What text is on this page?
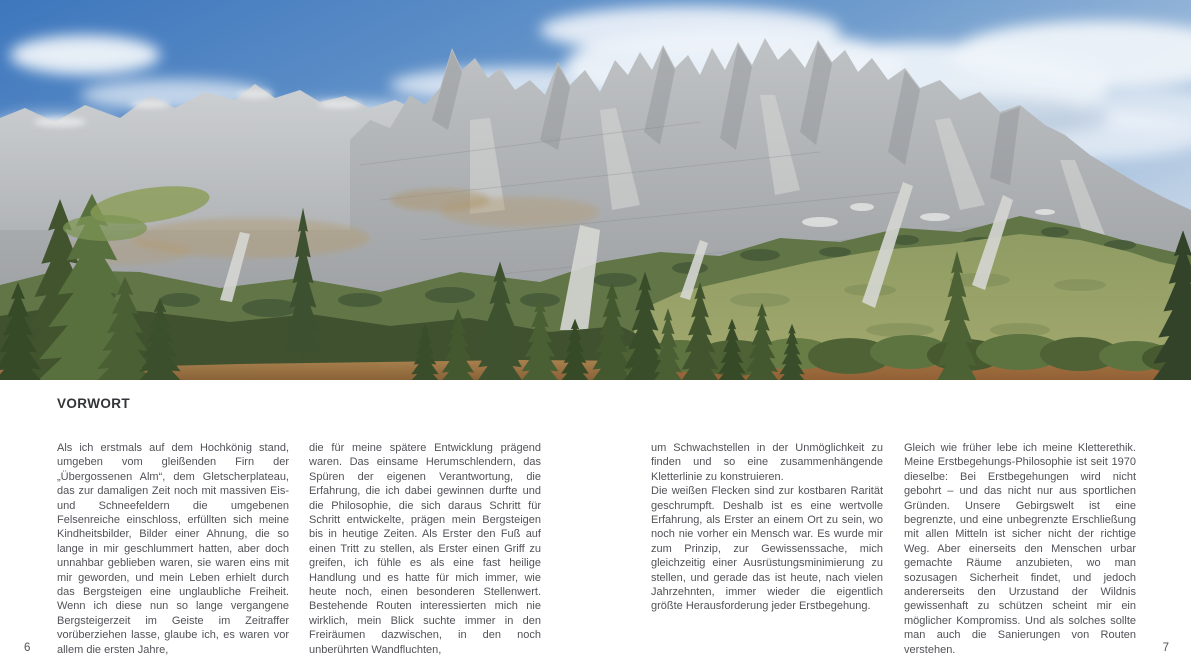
VORWORT

Als ich erstmals auf dem Hochkönig stand, umgeben vom gleißenden Firn der „Übergossenen Alm“, dem Gletscherplateau, das zur damaligen Zeit noch mit massiven Eis- und Schneefeldern die umgebenen Felsenreiche einschloss, erfüllten sich meine Kindheitsbilder, Bilder einer Ahnung, die so lange in mir geschlummert hatten, aber doch unnahbar geblieben waren, sie waren eins mit mir geworden, und mein Leben erhielt durch das Bergsteigen eine unglaubliche Freiheit. Wenn ich diese nun so lange vergangene Bergsteigerzeit im Geiste im Zeitraffer vorüberziehen lasse, glaube ich, es waren vor allem die ersten Jahre,

die für meine spätere Entwicklung prägend waren. Das einsame Herumschlendern, das Spüren der eigenen Verantwortung, die Erfahrung, die ich dabei gewinnen durfte und die Philosophie, die sich daraus Schritt für Schritt entwickelte, prägen mein Bergsteigen bis in heutige Zeiten. Als Erster den Fuß auf einen Tritt zu stellen, als Erster einen Griff zu greifen, ich fühle es als eine fast heilige Handlung und es hatte für mich immer, wie heute noch, einen besonderen Stellenwert. Bestehende Routen interessierten mich nie wirklich, mein Blick suchte immer in den Freiräumen dazwischen, in den noch unberührten Wandfluchten,

um Schwachstellen in der Unmöglichkeit zu finden und so eine zusammenhängende Kletterlinie zu konstruieren.

Die weißen Flecken sind zur kostbaren Rarität geschrumpft. Deshalb ist es eine wertvolle Erfahrung, als Erster an einem Ort zu sein, wo noch nie vorher ein Mensch war. Es wurde mir zum Prinzip, zur Gewissenssache, mich gleichzeitig einer Ausrüstungsminimierung zu stellen, und gerade das ist heute, nach vielen Jahrzehnten, immer wieder die eigentlich größte Herausforderung jeder Erstbegehung.

Gleich wie früher lebe ich meine Kletterethik. Meine Erstbegehungs-Philosophie ist seit 1970 dieselbe: Bei Erstbegehungen wird nicht gebohrt – und das nicht nur aus sportlichen Gründen. Unsere Gebirgswelt ist eine begrenzte, und eine unbegrenzte Erschließung mit allen Mitteln ist sicher nicht der richtige Weg. Aber einerseits den Menschen urbar gemachte Räume anzubieten, wo man sozusagen Sicherheit findet, und jedoch andererseits den Urzustand der Wildnis gewissenhaft zu schützen scheint mir ein möglicher Kompromiss. Und als solches sollte man auch die Sanierungen von Routen verstehen.

6	7
